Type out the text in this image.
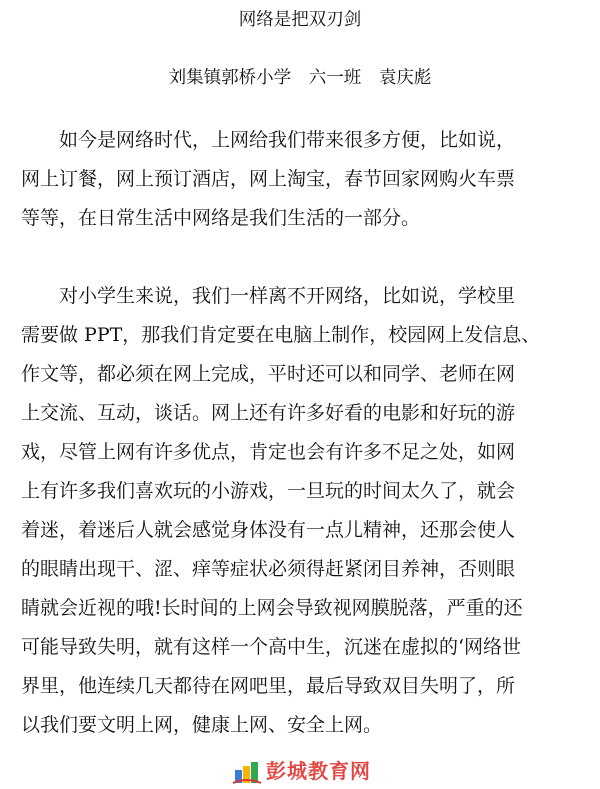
网络是把双刃剑
刘集镇郭桥小学 六一班 袁庆彪
如今是网络时代，上网给我们带来很多方便，比如说，
网上订餐，网上预订酒店，网上淘宝，春节回家网购火车票
等等，在日常生活中网络是我们生活的一部分。
对小学生来说，我们一样离不开网络，比如说，学校里
需要做 PPT，那我们肯定要在电脑上制作，校园网上发信息、
作文等，都必须在网上完成，平时还可以和同学、老师在网
上交流、互动，谈话。网上还有许多好看的电影和好玩的游
戏，尽管上网有许多优点，肯定也会有许多不足之处，如网
上有许多我们喜欢玩的小游戏，一旦玩的时间太久了，就会
着迷，着迷后人就会感觉身体没有一点儿精神，还那会使人
的眼睛出现干、涩、痒等症状必须得赶紧闭目养神，否则眼
睛就会近视的哦!长时间的上网会导致视网膜脱落，严重的还
可能导致失明，就有这样一个高中生，沉迷在虚拟的‘网络世
界里，他连续几天都待在网吧里，最后导致双目失明了，所
以我们要文明上网，健康上网、安全上网。
彭城教育网
